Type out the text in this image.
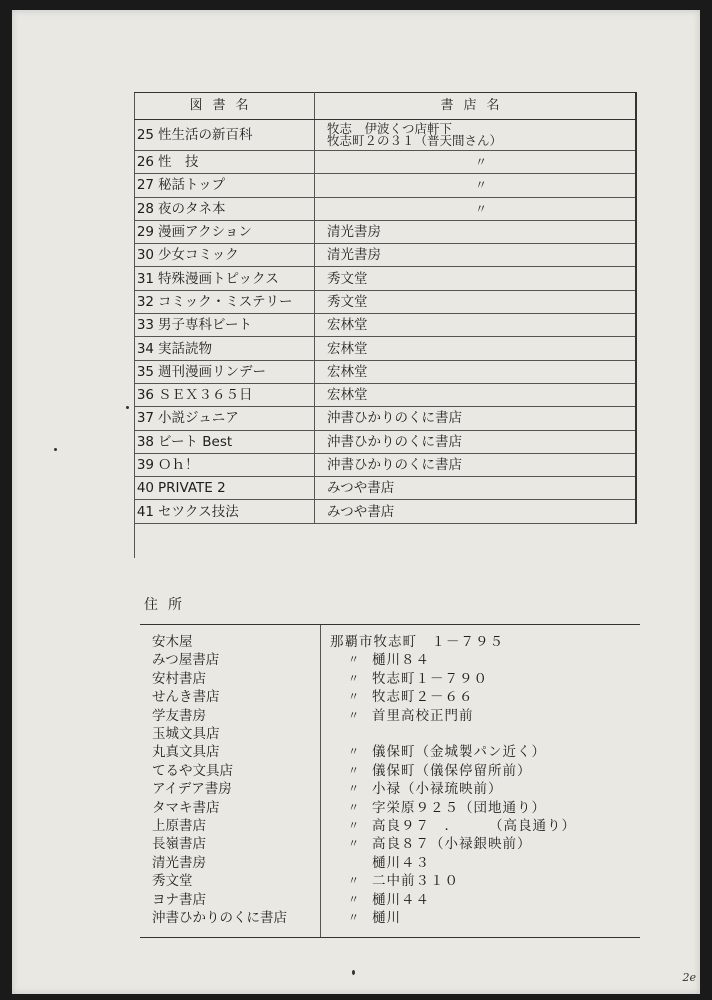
図書名		書店名
25	性生活の新百科	牧志　伊波くつ店軒下
牧志町２の３１（普天間さん）

26	性　技	〃
27	秘話トップ	〃
28	夜のタネ本	〃
29	漫画アクション	清光書房
30	少女コミック	清光書房
31	特殊漫画トピックス	秀文堂
32	コミック・ミステリー	秀文堂
33	男子専科ビート	宏林堂
34	実話読物	宏林堂
35	週刊漫画リンデー	宏林堂
36	ＳＥＸ３６５日	宏林堂
37	小説ジュニア	沖書ひかりのくに書店
38	ビート Best	沖書ひかりのくに書店
39	Ｏｈ！	沖書ひかりのくに書店
40	PRIVATE 2	みつや書店
41	セツクス技法	みつや書店
住所
安木屋	那覇市牧志町　１－７９５
みつ屋書店	〃 樋川８４
安村書店	〃 牧志町１－７９０
せんき書店	〃 牧志町２－６６
学友書房	〃 首里高校正門前
玉城文具店
丸真文具店	〃 儀保町（金城製パン近く）
てるや文具店	〃 儀保町（儀保停留所前）
アイデア書房	〃 小禄（小禄琉映前）
タマキ書店	〃 字栄原９２５（団地通り）
上原書店	〃 高良９７　．　　　（高良通り）
長嶺書店	〃 高良８７（小禄銀映前）
清光書房	樋川４３
秀文堂	〃 二中前３１０
ヨナ書店	〃 樋川４４
沖書ひかりのくに書店	〃 樋川
2e
